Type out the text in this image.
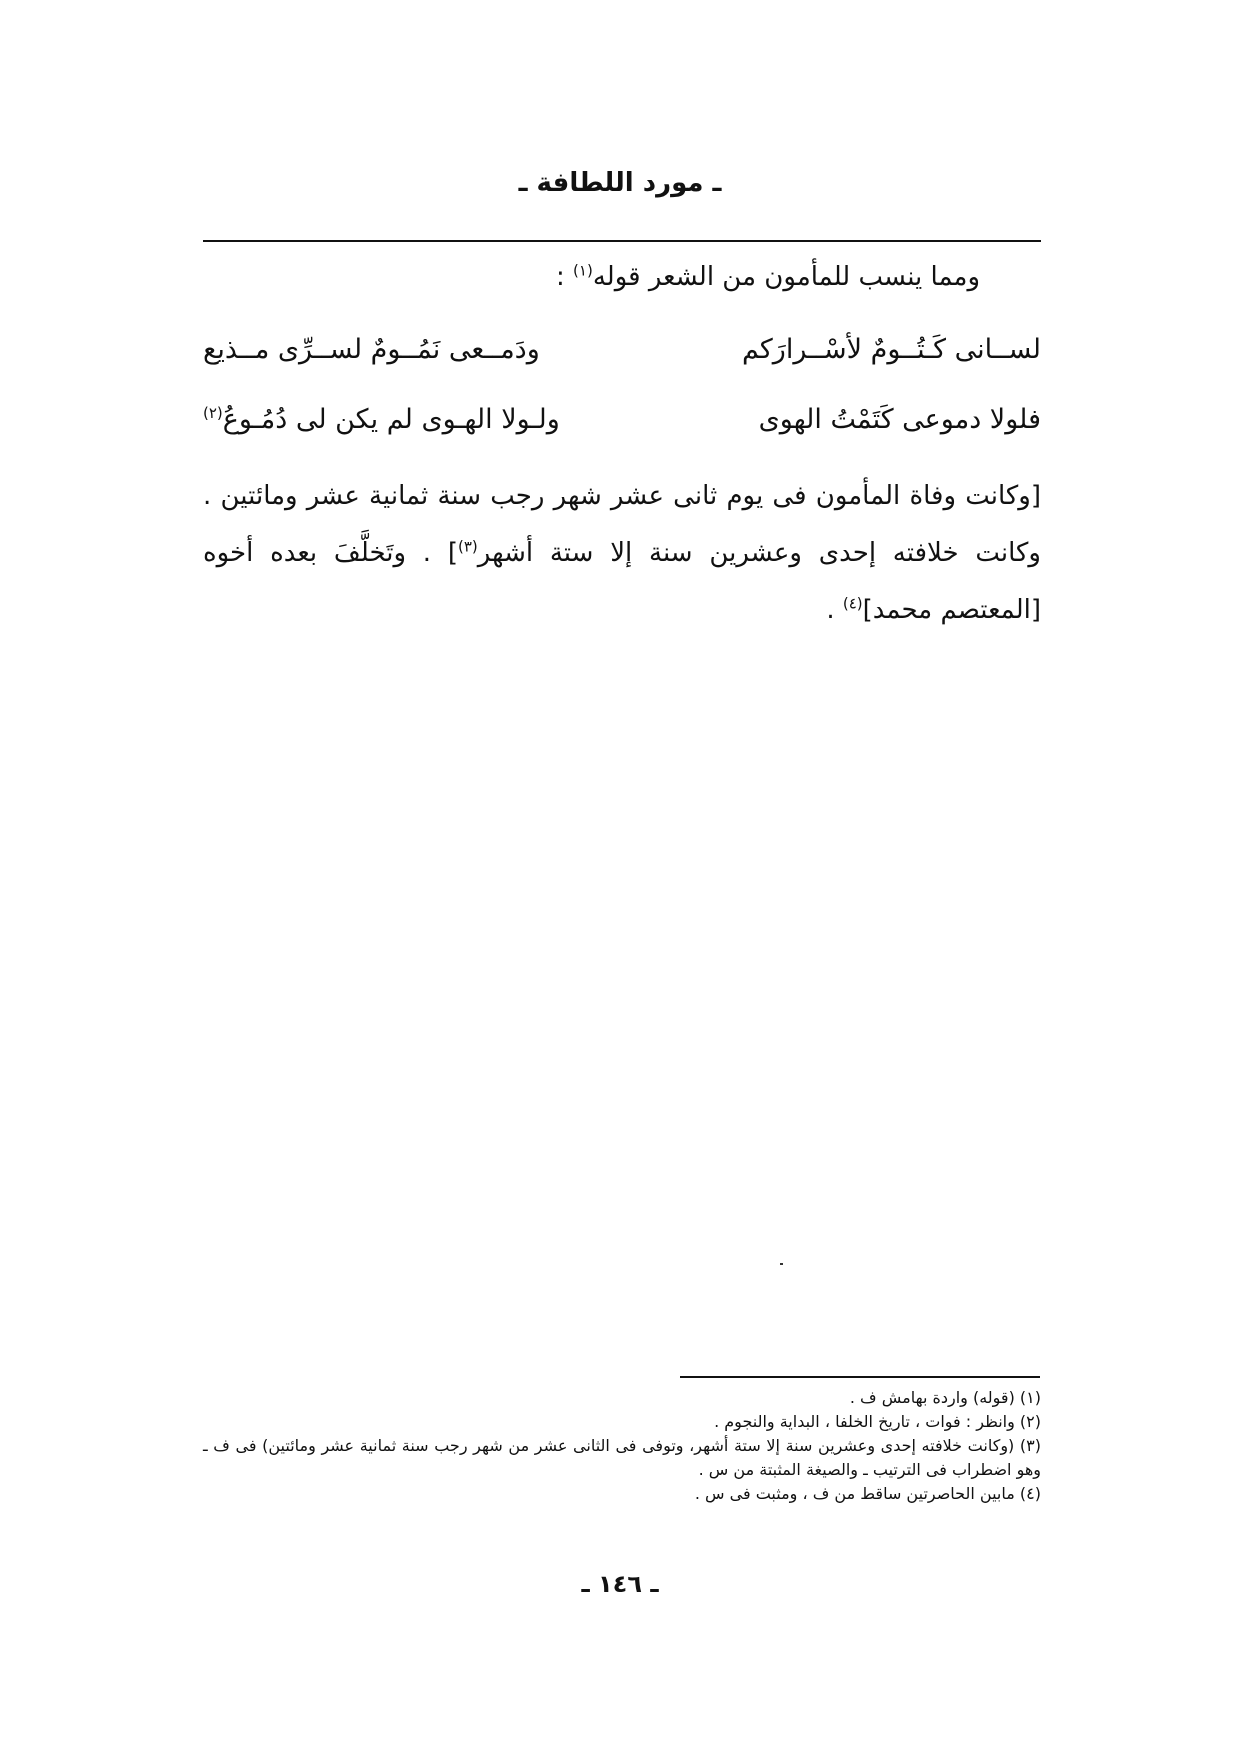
ـ مورد اللطافة ـ
ومما ينسب للمأمون من الشعر قوله$^{(١)}$ :
لســانى كَـتُــومٌ لأسْــرارَكم
ودَمــعى نَمُــومٌ لســرِّى مــذيع
فلولا دموعى كَتَمْتُ الهوى
ولـولا الهـوى لم يكن لى دُمُـوعُ$^{(٢)}$
[وكانت وفاة المأمون فى يوم ثانى عشر شهر رجب سنة ثمانية عشر ومائتين . وكانت خلافته إحدى وعشرين سنة إلا ستة أشهر$^{(٣)}$] . وتَخلَّفَ بعده أخوه [المعتصم محمد]$^{(٤)}$ .

(١) (قوله) واردة بهامش ف .

(٢) وانظر : فوات ، تاريخ الخلفا ، البداية والنجوم .

(٣) (وكانت خلافته إحدى وعشرين سنة إلا ستة أشهر، وتوفى فى الثانى عشر من شهر رجب سنة ثمانية عشر ومائتين) فى ف ـ وهو اضطراب فى الترتيب ـ والصيغة المثبتة من س .

(٤) مابين الحاصرتين ساقط من ف ، ومثبت فى س .

ـ ١٤٦ ـ
